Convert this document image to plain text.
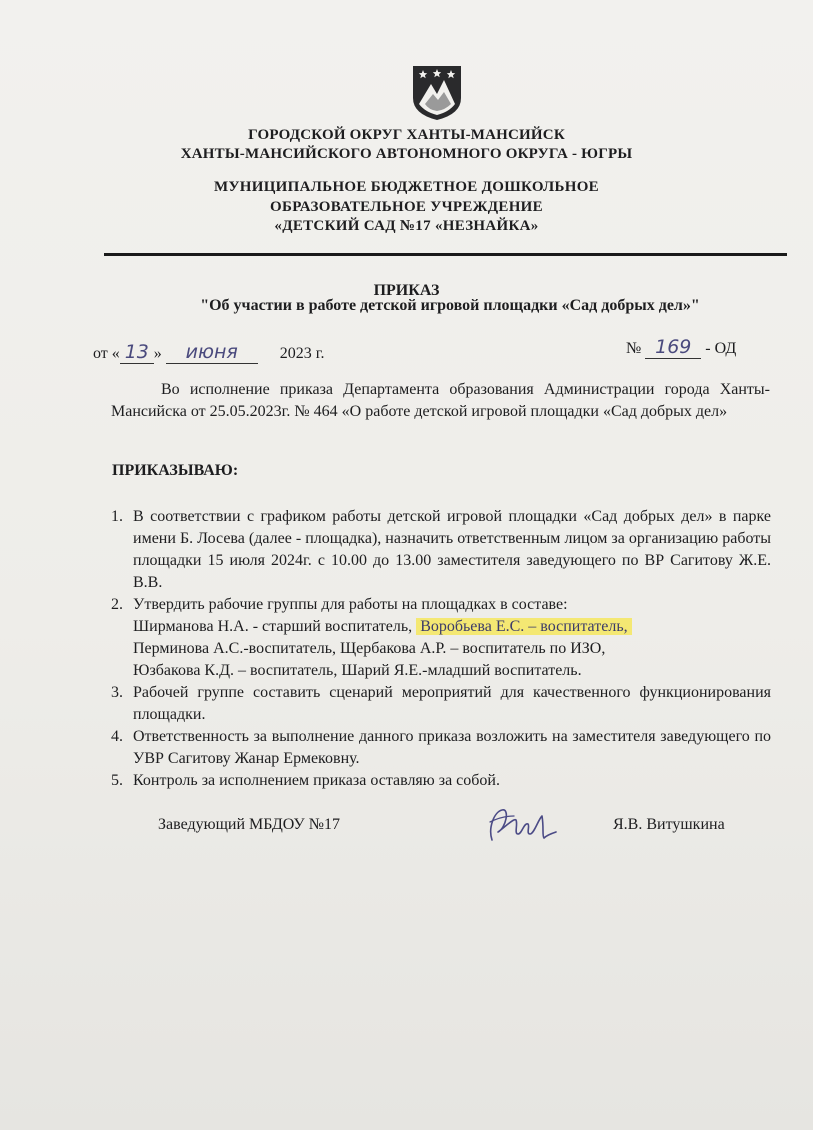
ГОРОДСКОЙ ОКРУГ ХАНТЫ-МАНСИЙСК
ХАНТЫ-МАНСИЙСКОГО АВТОНОМНОГО ОКРУГА - ЮГРЫ
МУНИЦИПАЛЬНОЕ БЮДЖЕТНОЕ ДОШКОЛЬНОЕ
ОБРАЗОВАТЕЛЬНОЕ УЧРЕЖДЕНИЕ
«ДЕТСКИЙ САД №17 «НЕЗНАЙКА»
ПРИКАЗ
"Об участии в работе детской игровой площадки «Сад добрых дел»"
от « 13 » июня	2023 г.	№ 169 - ОД
Во исполнение приказа Департамента образования Администрации города Ханты-Мансийска от 25.05.2023г. № 464 «О работе детской игровой площадки «Сад добрых дел»
ПРИКАЗЫВАЮ:
1. В соответствии с графиком работы детской игровой площадки «Сад добрых дел» в парке имени Б. Лосева (далее - площадка), назначить ответственным лицом за организацию работы площадки 15 июля 2024г. с 10.00 до 13.00 заместителя заведующего по ВР Сагитову Ж.Е. В.В.
2. Утвердить рабочие группы для работы на площадках в составе:
Ширманова Н.А. - старший воспитатель, Воробьева Е.С. – воспитатель,
Перминова А.С.-воспитатель, Щербакова А.Р. – воспитатель по ИЗО,
Юзбакова К.Д. – воспитатель, Шарий Я.Е.-младший воспитатель.
3. Рабочей группе составить сценарий мероприятий для качественного функционирования площадки.
4. Ответственность за выполнение данного приказа возложить на заместителя заведующего по УВР Сагитову Жанар Ермековну.
5. Контроль за исполнением приказа оставляю за собой.
Заведующий МБДОУ №17	Я.В. Витушкина
